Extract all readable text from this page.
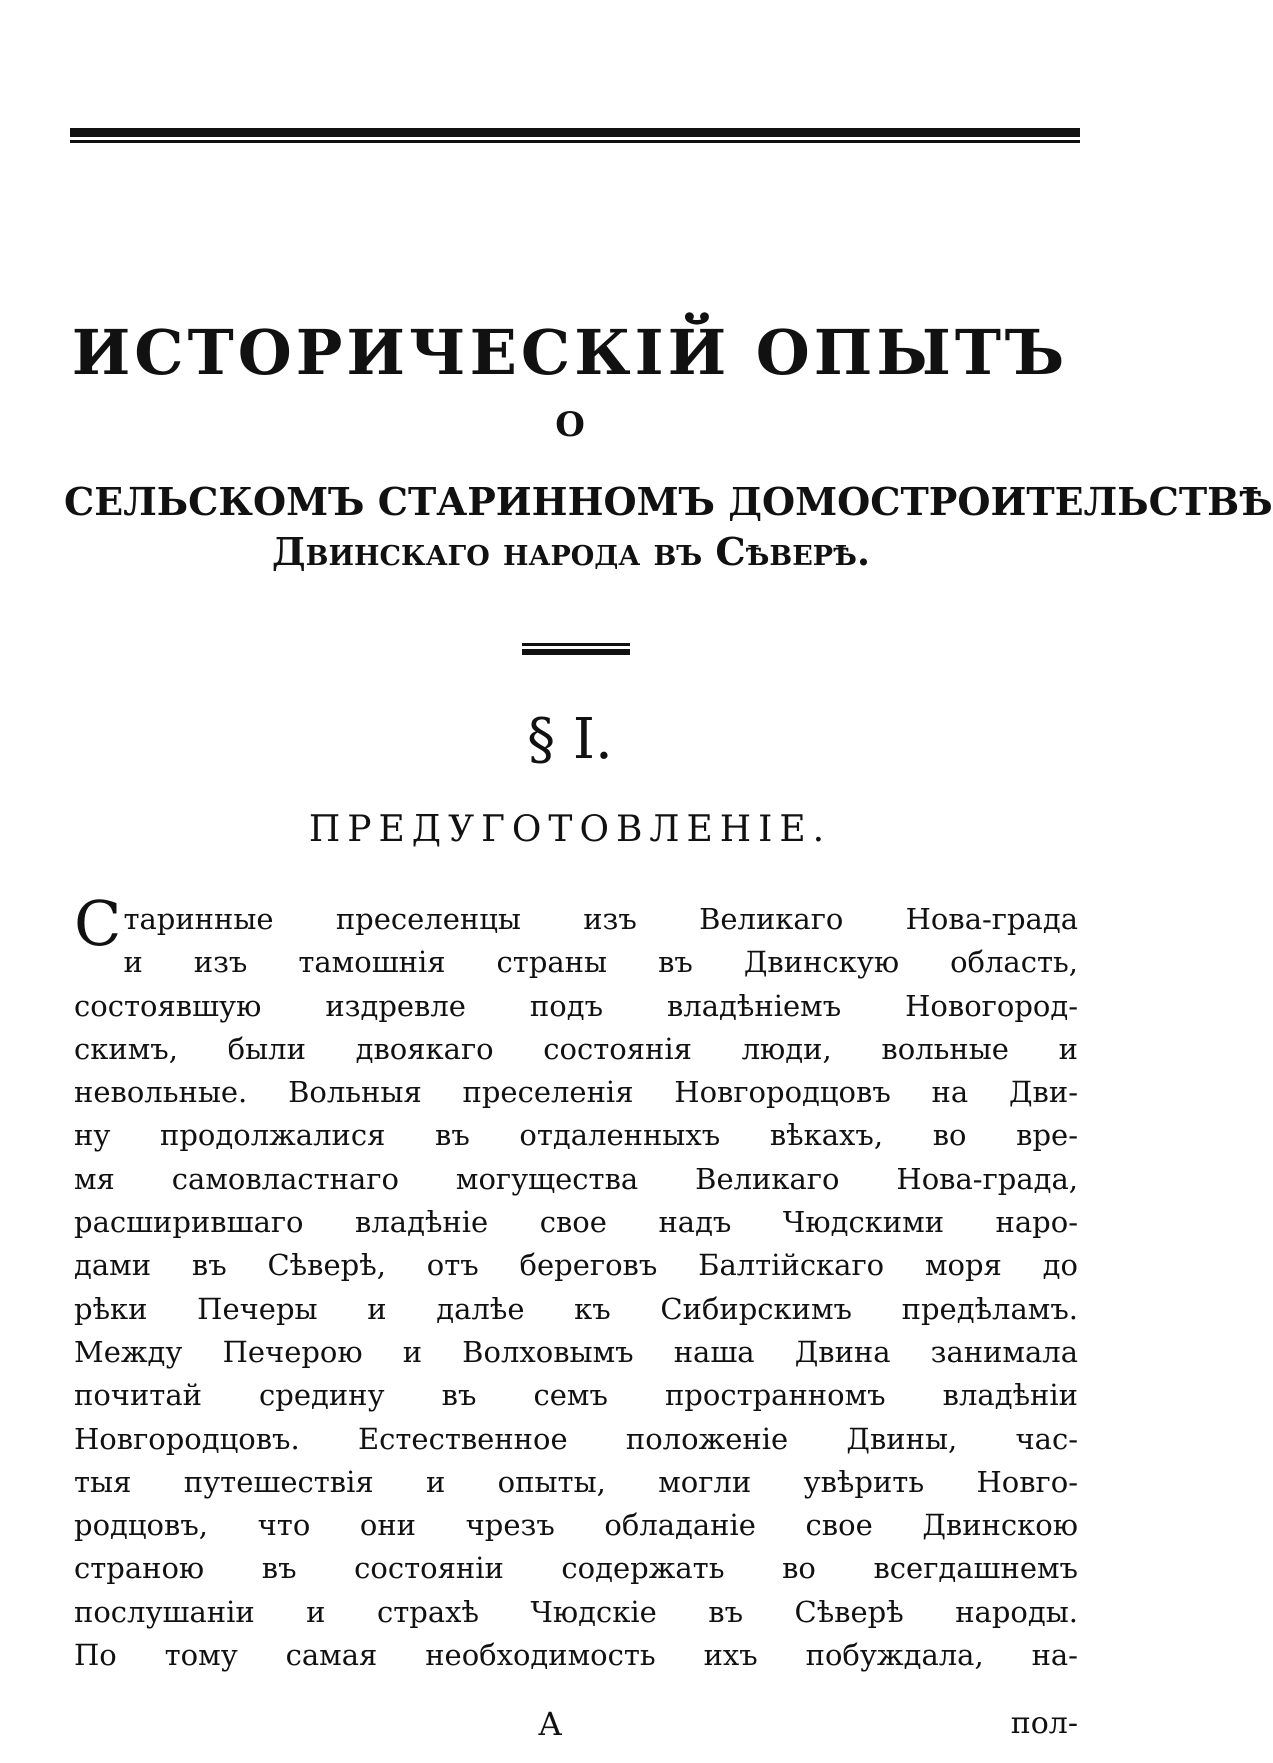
ИСТОРИЧЕСКІЙ ОПЫТЪ
О
СЕЛЬСКОМЪ СТАРИННОМЪ ДОМОСТРОИТЕЛЬСТВѢ
Двинскаго народа въ Сѣверѣ.
§ I.
ПРЕДУГОТОВЛЕНІЕ.
Старинные преселенцы изъ Великаго Нова-града
и изъ тамошнія страны въ Двинскую область,
состоявшую издревле подъ владѣніемъ Новогород-
скимъ, были двоякаго состоянія люди, вольные и
невольные. Вольныя преселенія Новгородцовъ на Дви-
ну продолжалися въ отдаленныхъ вѣкахъ, во вре-
мя самовластнаго могущества Великаго Нова-града,
расширившаго владѣніе свое надъ Чюдскими наро-
дами въ Сѣверѣ, отъ береговъ Балтійскаго моря до
рѣки Печеры и далѣе къ Сибирскимъ предѣламъ.
Между Печерою и Волховымъ наша Двина занимала
почитай средину въ семъ пространномъ владѣніи
Новгородцовъ. Естественное положеніе Двины, час-
тыя путешествія и опыты, могли увѣрить Новго-
родцовъ, что они чрезъ обладаніе свое Двинскою
страною въ состояніи содержать во всегдашнемъ
послушаніи и страхѣ Чюдскіе въ Сѣверѣ народы.
По тому самая необходимость ихъ побуждала, на-
А	пол-
